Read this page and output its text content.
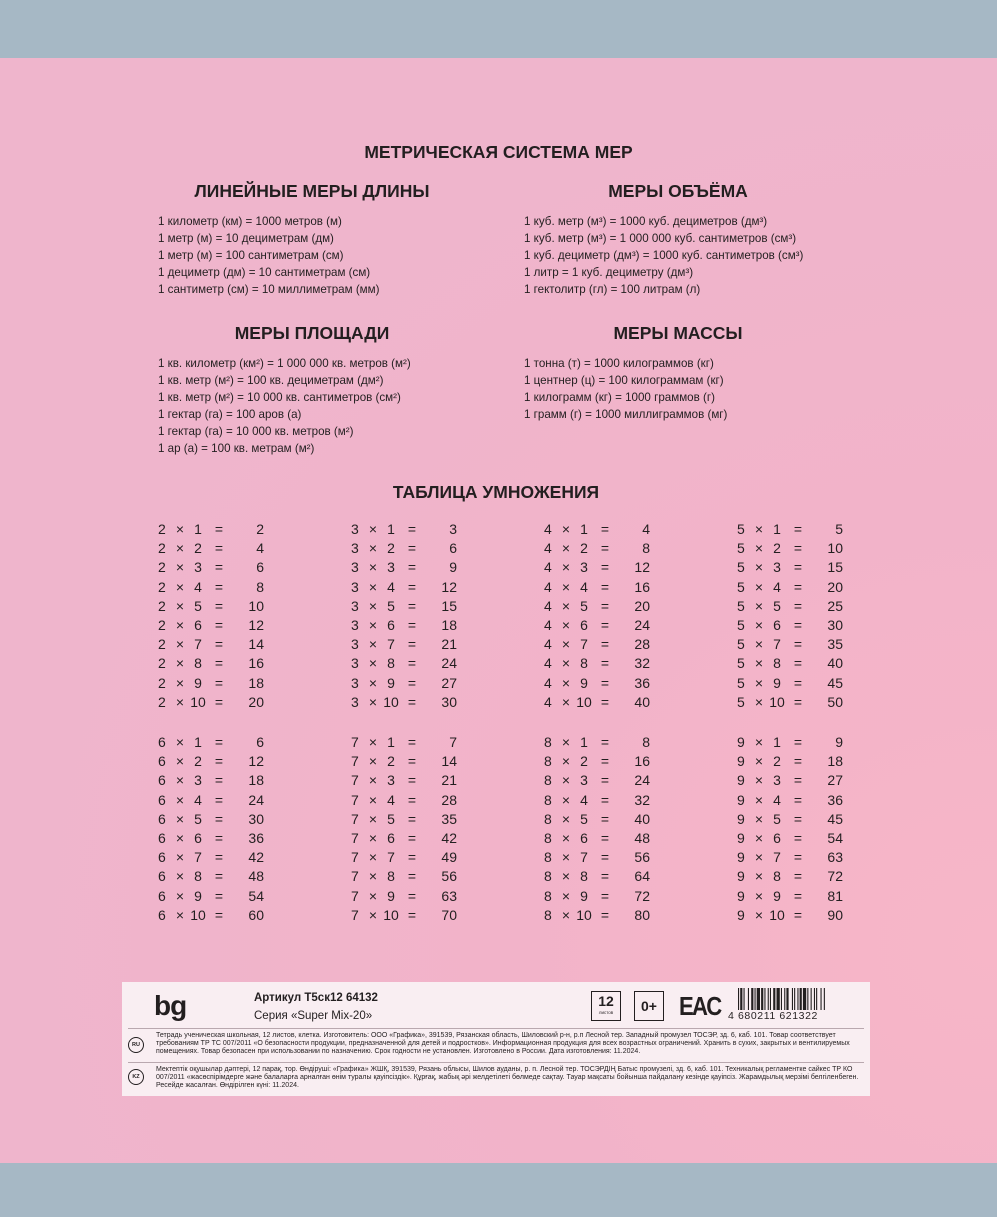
МЕТРИЧЕСКАЯ СИСТЕМА МЕР
ЛИНЕЙНЫЕ МЕРЫ ДЛИНЫ
1 километр (км) = 1000 метров (м)
1 метр (м) = 10 дециметрам (дм)
1 метр (м) = 100 сантиметрам (см)
1 дециметр (дм) = 10 сантиметрам (см)
1 сантиметр (см) = 10 миллиметрам (мм)
МЕРЫ ОБЪЁМА
1 куб. метр (м³) = 1000 куб. дециметров (дм³)
1 куб. метр (м³) = 1 000 000 куб. сантиметров (см³)
1 куб. дециметр (дм³) = 1000 куб. сантиметров (см³)
1 литр = 1 куб. дециметру (дм³)
1 гектолитр (гл) = 100 литрам (л)
МЕРЫ ПЛОЩАДИ
1 кв. километр (км²) = 1 000 000 кв. метров (м²)
1 кв. метр (м²) = 100 кв. дециметрам (дм²)
1 кв. метр (м²) = 10 000 кв. сантиметров (см²)
1 гектар (га) = 100 аров (а)
1 гектар (га) = 10 000 кв. метров (м²)
1 ар (а) = 100 кв. метрам (м²)
МЕРЫ МАССЫ
1 тонна (т) = 1000 килограммов (кг)
1 центнер (ц) = 100 килограммам (кг)
1 килограмм (кг) = 1000 граммов (г)
1 грамм (г) = 1000 миллиграммов (мг)
ТАБЛИЦА УМНОЖЕНИЯ
2 × 1 =	2
2 × 2 =	4
2 × 3 =	6
2 × 4 =	8
2 × 5 =	10
2 × 6 =	12
2 × 7 =	14
2 × 8 =	16
2 × 9 =	18
2 × 10 =	20
3 × 1 =	3
3 × 2 =	6
3 × 3 =	9
3 × 4 =	12
3 × 5 =	15
3 × 6 =	18
3 × 7 =	21
3 × 8 =	24
3 × 9 =	27
3 × 10 =	30
4 × 1 =	4
4 × 2 =	8
4 × 3 =	12
4 × 4 =	16
4 × 5 =	20
4 × 6 =	24
4 × 7 =	28
4 × 8 =	32
4 × 9 =	36
4 × 10 =	40
5 × 1 =	5
5 × 2 =	10
5 × 3 =	15
5 × 4 =	20
5 × 5 =	25
5 × 6 =	30
5 × 7 =	35
5 × 8 =	40
5 × 9 =	45
5 × 10 =	50
6 × 1 =	6
6 × 2 =	12
6 × 3 =	18
6 × 4 =	24
6 × 5 =	30
6 × 6 =	36
6 × 7 =	42
6 × 8 =	48
6 × 9 =	54
6 × 10 =	60
7 × 1 =	7
7 × 2 =	14
7 × 3 =	21
7 × 4 =	28
7 × 5 =	35
7 × 6 =	42
7 × 7 =	49
7 × 8 =	56
7 × 9 =	63
7 × 10 =	70
8 × 1 =	8
8 × 2 =	16
8 × 3 =	24
8 × 4 =	32
8 × 5 =	40
8 × 6 =	48
8 × 7 =	56
8 × 8 =	64
8 × 9 =	72
8 × 10 =	80
9 × 1 =	9
9 × 2 =	18
9 × 3 =	27
9 × 4 =	36
9 × 5 =	45
9 × 6 =	54
9 × 7 =	63
9 × 8 =	72
9 × 9 =	81
9 × 10 =	90
bg	Артикул Т5ск12 64132
Серия «Super Mix-20»
12
листов	0+ EAC 4 680211 621322
RU
Тетрадь ученическая школьная, 12 листов, клетка. Изготовитель: ООО «Графика», 391539, Рязанская область, Шиловский р-н, р.п Лесной тер. Западный промузел ТОСЭР, зд. 6, каб. 101. Товар соответствует требованиям ТР ТС 007/2011 «О безопасности продукции, предназначенной для детей и подростков». Информационная продукция для всех возрастных ограничений. Хранить в сухих, закрытых и вентилируемых помещениях. Товар безопасен при использовании по назначению. Срок годности не установлен. Изготовлено в России. Дата изготовления: 11.2024.
KZ
Мектептік оқушылар дәптері, 12 парақ, тор. Өндіруші: «Графика» ЖШҚ, 391539, Рязань облысы, Шилов ауданы, р. п. Лесной тер. ТОСЭРДІҢ Батыс промузелі, зд. 6, каб. 101. Техникалық регламентке сайкес ТР КО 007/2011 «жасөспірімдерге және балаларға арналған өнім туралы қауіпсіздік». Құрғақ, жабық әрі желдетілеті бөлмеде сақтау. Тауар мақсаты бойынша пайдалану кезінде қауіпсіз. Жарамдылық мерзімі белгіленбеген. Ресейде жасалған. Өндірілген күні: 11.2024.
